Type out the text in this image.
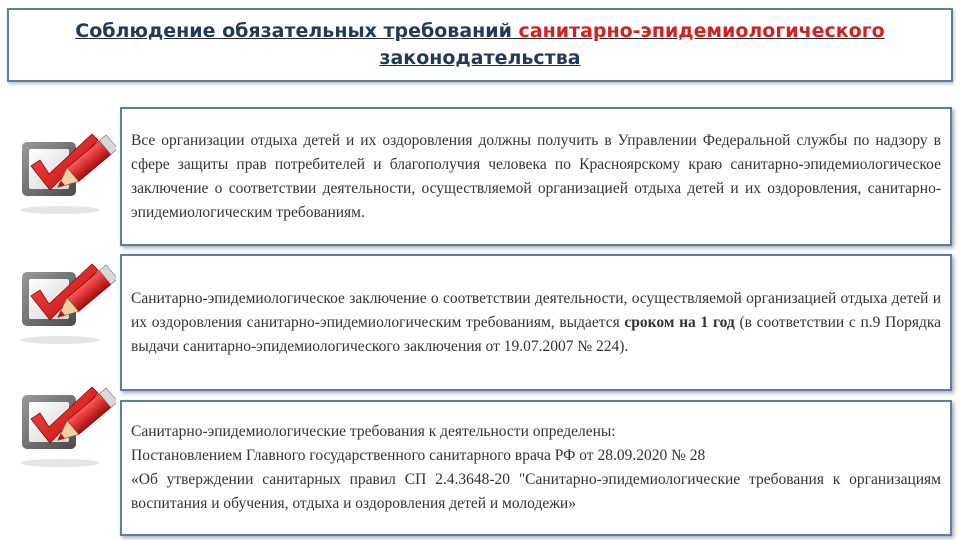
Соблюдение обязательных требований санитарно-эпидемиологического
законодательства

Все организации отдыха детей и их оздоровления должны получить в Управлении Федеральной службы по надзору в сфере защиты прав потребителей и благополучия человека по Красноярскому краю санитарно-эпидемиологическое заключение о соответствии деятельности, осуществляемой организацией отдыха детей и их оздоровления, санитарно-эпидемиологическим требованиям.

Санитарно-эпидемиологическое заключение о соответствии деятельности, осуществляемой организацией отдыха детей и их оздоровления санитарно-эпидемиологическим требованиям, выдается сроком на 1 год (в соответствии с п.9 Порядка выдачи санитарно-эпидемиологического заключения от 19.07.2007 № 224).

Санитарно-эпидемиологические требования к деятельности определены:

Постановлением Главного государственного санитарного врача РФ от 28.09.2020 № 28

«Об утверждении санитарных правил СП 2.4.3648-20 "Санитарно-эпидемиологические требования к организациям воспитания и обучения, отдыха и оздоровления детей и молодежи»
